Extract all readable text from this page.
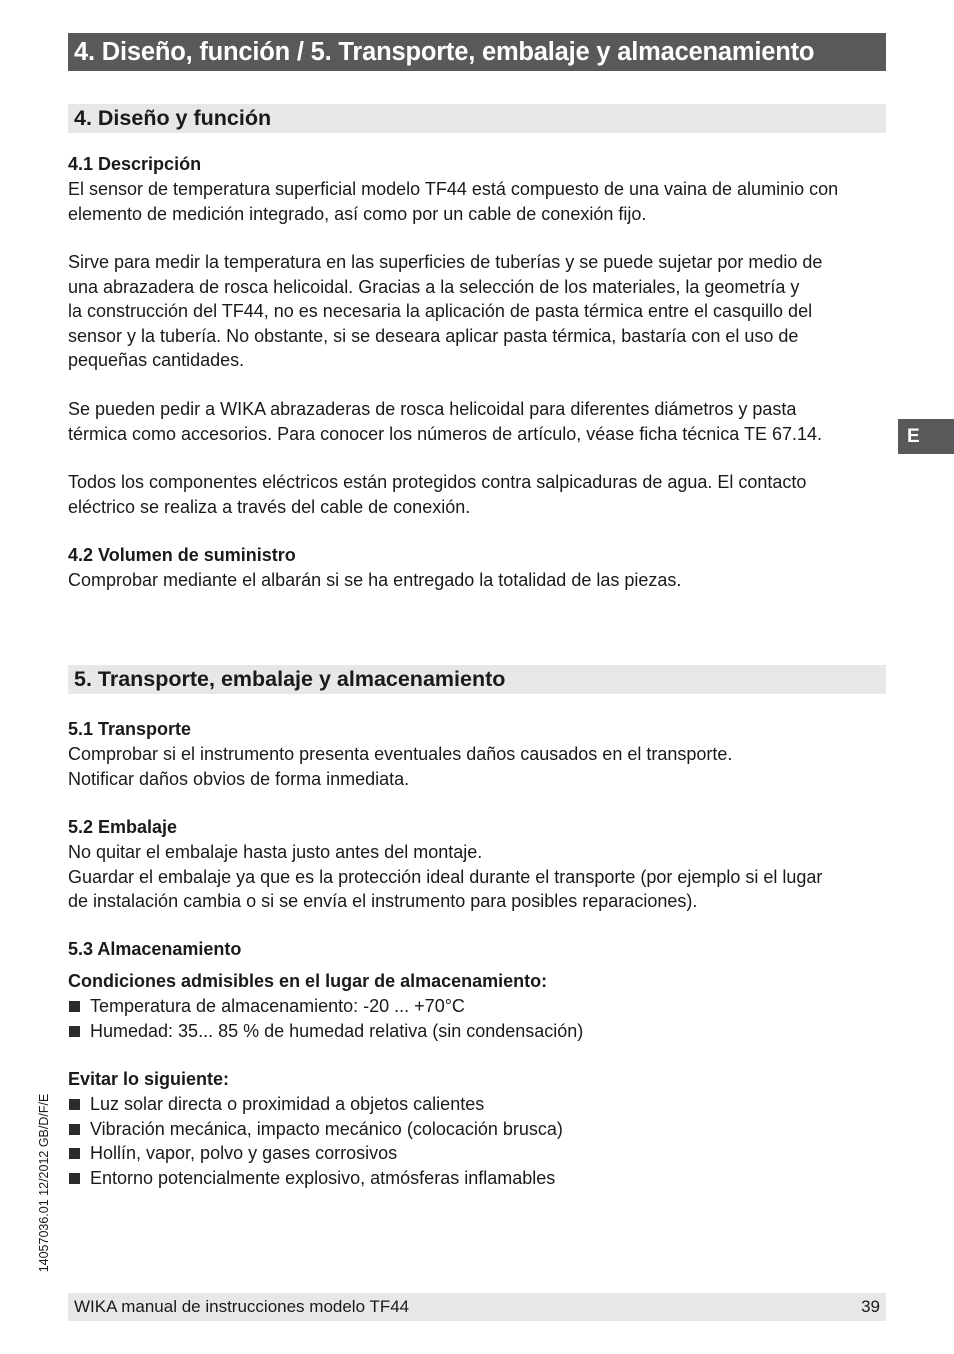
4. Diseño, función / 5. Transporte, embalaje y almacenamiento
4. Diseño y función
4.1 Descripción
El sensor de temperatura superficial modelo TF44 está compuesto de una vaina de aluminio con
elemento de medición integrado, así como por un cable de conexión fijo.
Sirve para medir la temperatura en las superficies de tuberías y se puede sujetar por medio de
una abrazadera de rosca helicoidal. Gracias a la selección de los materiales, la geometría y
la construcción del TF44, no es necesaria la aplicación de pasta térmica entre el casquillo del
sensor y la tubería. No obstante, si se deseara aplicar pasta térmica, bastaría con el uso de
pequeñas cantidades.
Se pueden pedir a WIKA abrazaderas de rosca helicoidal para diferentes diámetros y pasta
térmica como accesorios. Para conocer los números de artículo, véase ficha técnica TE 67.14.
Todos los componentes eléctricos están protegidos contra salpicaduras de agua. El contacto
eléctrico se realiza a través del cable de conexión.
4.2 Volumen de suministro
Comprobar mediante el albarán si se ha entregado la totalidad de las piezas.
5. Transporte, embalaje y almacenamiento
5.1 Transporte
Comprobar si el instrumento presenta eventuales daños causados en el transporte.
Notificar daños obvios de forma inmediata.
5.2 Embalaje
No quitar el embalaje hasta justo antes del montaje.
Guardar el embalaje ya que es la protección ideal durante el transporte (por ejemplo si el lugar
de instalación cambia o si se envía el instrumento para posibles reparaciones).
5.3 Almacenamiento
Condiciones admisibles en el lugar de almacenamiento:
Temperatura de almacenamiento: -20 ... +70°C
Humedad: 35... 85 % de humedad relativa (sin condensación)
Evitar lo siguiente:
Luz solar directa o proximidad a objetos calientes
Vibración mecánica, impacto mecánico (colocación brusca)
Hollín, vapor, polvo y gases corrosivos
Entorno potencialmente explosivo, atmósferas inflamables
E
14057036.01 12/2012 GB/D/F/E
WIKA manual de instrucciones modelo TF44	39
